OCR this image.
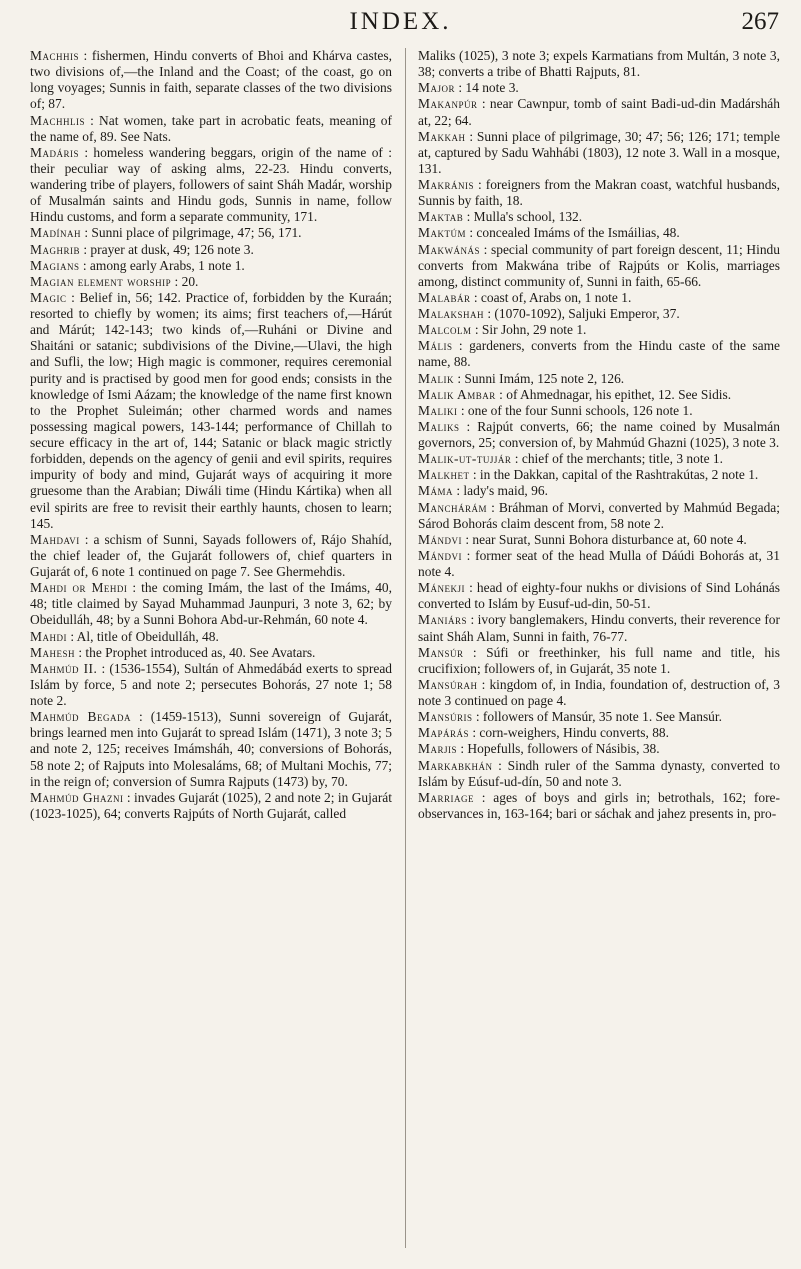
INDEX.	267

Machhis : fishermen, Hindu converts of Bhoi and Khárva castes, two divisions of,—the Inland and the Coast; of the coast, go on long voyages; Sunnis in faith, separate classes of the two divisions of; 87.

Machhlis : Nat women, take part in acrobatic feats, meaning of the name of, 89. See Nats.

Madáris : homeless wandering beggars, origin of the name of : their peculiar way of asking alms, 22-23. Hindu converts, wandering tribe of players, followers of saint Sháh Madár, worship of Musalmán saints and Hindu gods, Sunnis in name, follow Hindu customs, and form a separate community, 171.

Madínah : Sunni place of pilgrimage, 47; 56, 171.

Maghrib : prayer at dusk, 49; 126 note 3.

Magians : among early Arabs, 1 note 1.

Magian element worship : 20.

Magic : Belief in, 56; 142. Practice of, forbidden by the Kuraán; resorted to chiefly by women; its aims; first teachers of,—Hárút and Márút; 142-143; two kinds of,—Ruháni or Divine and Shaitáni or satanic; subdivisions of the Divine,—Ulavi, the high and Sufli, the low; High magic is commoner, requires ceremonial purity and is practised by good men for good ends; consists in the knowledge of Ismi Aázam; the knowledge of the name first known to the Prophet Suleimán; other charmed words and names possessing magical powers, 143-144; performance of Chillah to secure efficacy in the art of, 144; Satanic or black magic strictly forbidden, depends on the agency of genii and evil spirits, requires impurity of body and mind, Gujarát ways of acquiring it more gruesome than the Arabian; Diwáli time (Hindu Kártika) when all evil spirits are free to revisit their earthly haunts, chosen to learn; 145.

Mahdavi : a schism of Sunni, Sayads followers of, Rájo Shahíd, the chief leader of, the Gujarát followers of, chief quarters in Gujarát of, 6 note 1 continued on page 7. See Ghermehdis.

Mahdi or Mehdi : the coming Imám, the last of the Imáms, 40, 48; title claimed by Sayad Muhammad Jaunpuri, 3 note 3, 62; by Obeidulláh, 48; by a Sunni Bohora Abd-ur-Rehmán, 60 note 4.

Mahdi : Al, title of Obeidulláh, 48.

Mahesh : the Prophet introduced as, 40. See Avatars.

Mahmúd II. : (1536-1554), Sultán of Ahmedábád exerts to spread Islám by force, 5 and note 2; persecutes Bohorás, 27 note 1; 58 note 2.

Mahmúd Begada : (1459-1513), Sunni sovereign of Gujarát, brings learned men into Gujarát to spread Islám (1471), 3 note 3; 5 and note 2, 125; receives Imámsháh, 40; conversions of Bohorás, 58 note 2; of Rajputs into Molesaláms, 68; of Multani Mochis, 77; in the reign of; conversion of Sumra Rajputs (1473) by, 70.

Mahmúd Ghazni : invades Gujarát (1025), 2 and note 2; in Gujarát (1023-1025), 64; converts Rajpúts of North Gujarát, called

Maliks (1025), 3 note 3; expels Karmatians from Multán, 3 note 3, 38; converts a tribe of Bhatti Rajputs, 81.

Major : 14 note 3.

Makanpúr : near Cawnpur, tomb of saint Badi-ud-din Madársháh at, 22; 64.

Makkah : Sunni place of pilgrimage, 30; 47; 56; 126; 171; temple at, captured by Sadu Wahhábi (1803), 12 note 3. Wall in a mosque, 131.

Makránis : foreigners from the Makran coast, watchful husbands, Sunnis by faith, 18.

Maktab : Mulla's school, 132.

Maktúm : concealed Imáms of the Ismáilias, 48.

Makwánás : special community of part foreign descent, 11; Hindu converts from Makwána tribe of Rajpúts or Kolis, marriages among, distinct community of, Sunni in faith, 65-66.

Malabár : coast of, Arabs on, 1 note 1.

Malakshah : (1070-1092), Saljuki Emperor, 37.

Malcolm : Sir John, 29 note 1.

Mális : gardeners, converts from the Hindu caste of the same name, 88.

Malik : Sunni Imám, 125 note 2, 126.

Malik Ambar : of Ahmednagar, his epithet, 12. See Sidis.

Maliki : one of the four Sunni schools, 126 note 1.

Maliks : Rajpút converts, 66; the name coined by Musalmán governors, 25; conversion of, by Mahmúd Ghazni (1025), 3 note 3.

Malik-ut-tujjár : chief of the merchants; title, 3 note 1.

Malkhet : in the Dakkan, capital of the Rashtrakútas, 2 note 1.

Máma : lady's maid, 96.

Manchárám : Bráhman of Morvi, converted by Mahmúd Begada; Sárod Bohorás claim descent from, 58 note 2.

Mándvi : near Surat, Sunni Bohora disturbance at, 60 note 4.

Mándvi : former seat of the head Mulla of Dáúdi Bohorás at, 31 note 4.

Mánekji : head of eighty-four nukhs or divisions of Sind Lohánás converted to Islám by Eusuf-ud-din, 50-51.

Maniárs : ivory banglemakers, Hindu converts, their reverence for saint Sháh Alam, Sunni in faith, 76-77.

Mansúr : Súfi or freethinker, his full name and title, his crucifixion; followers of, in Gujarát, 35 note 1.

Mansúrah : kingdom of, in India, foundation of, destruction of, 3 note 3 continued on page 4.

Mansúris : followers of Mansúr, 35 note 1. See Mansúr.

Mapárás : corn-weighers, Hindu converts, 88.

Marjis : Hopefulls, followers of Násibis, 38.

Markabkhán : Sindh ruler of the Samma dynasty, converted to Islám by Eúsuf-ud-dín, 50 and note 3.

Marriage : ages of boys and girls in; betrothals, 162; fore-observances in, 163-164; bari or sáchak and jahez presents in, pro-
